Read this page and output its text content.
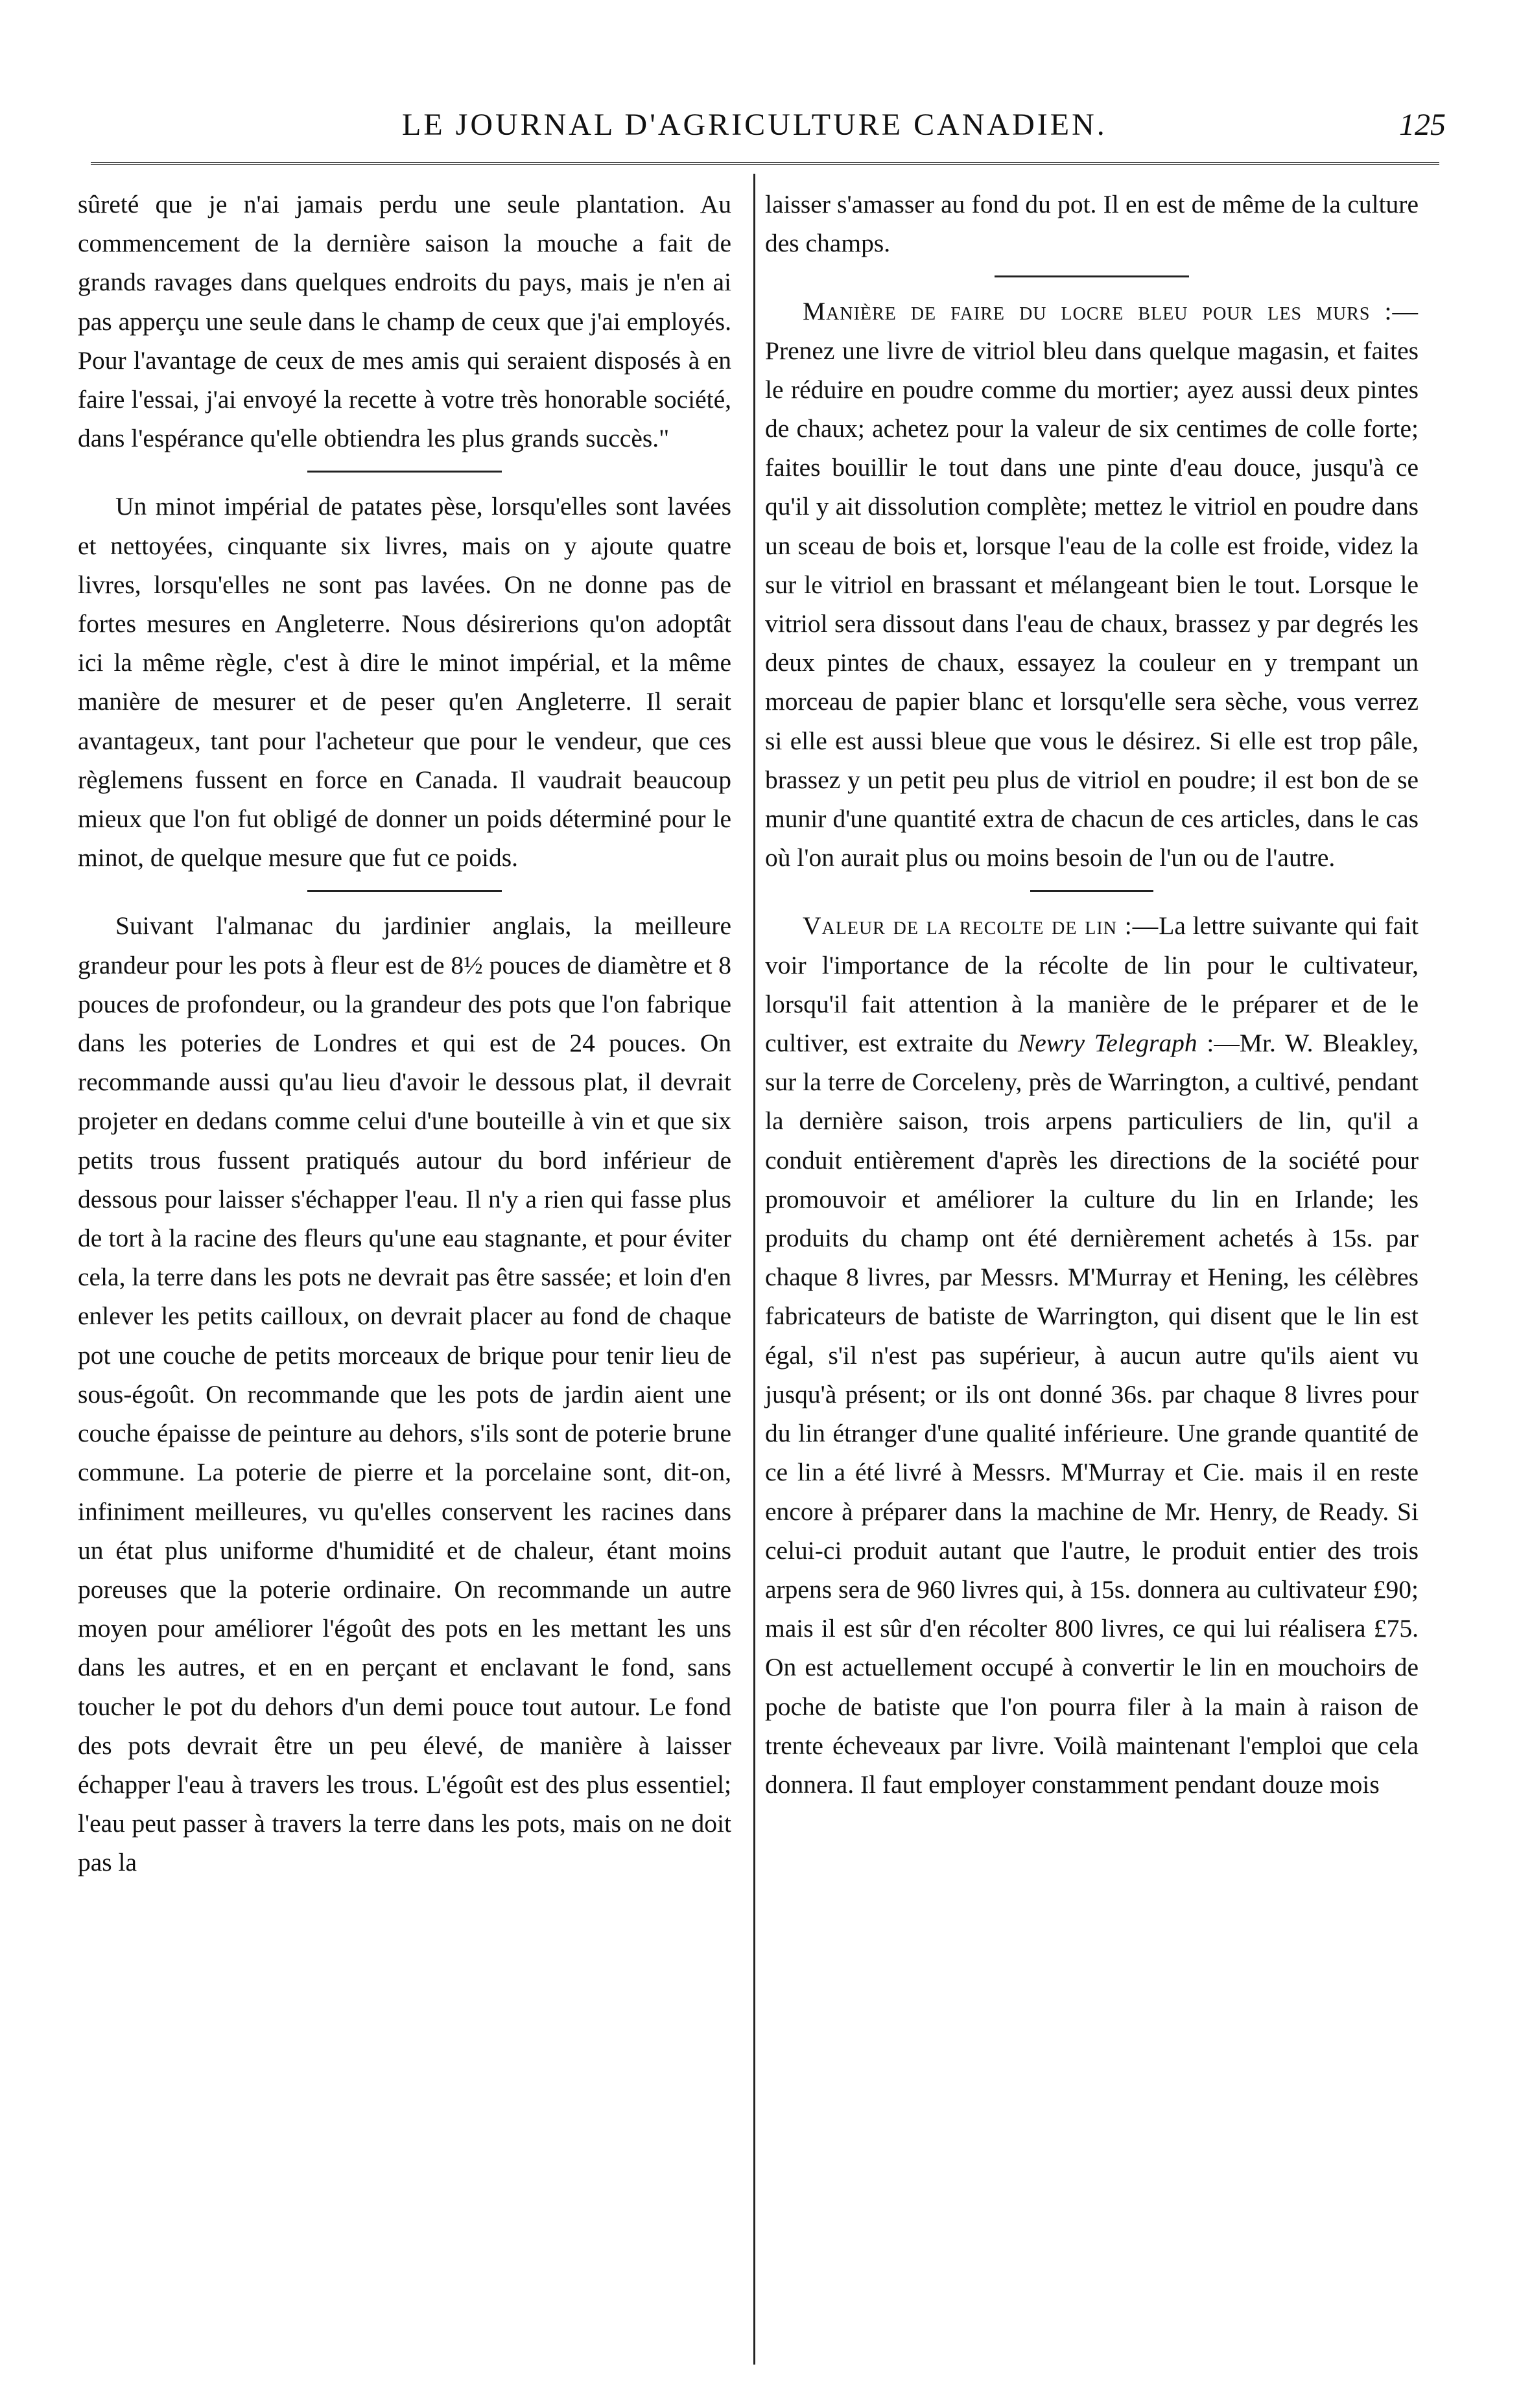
LE JOURNAL D'AGRICULTURE CANADIEN.	125

sûreté que je n'ai jamais perdu une seule plantation. Au commencement de la dernière saison la mouche a fait de grands ravages dans quelques endroits du pays, mais je n'en ai pas apperçu une seule dans le champ de ceux que j'ai employés. Pour l'avantage de ceux de mes amis qui seraient disposés à en faire l'essai, j'ai envoyé la recette à votre très honorable société, dans l'espérance qu'elle obtiendra les plus grands succès."

Un minot impérial de patates pèse, lorsqu'elles sont lavées et nettoyées, cinquante six livres, mais on y ajoute quatre livres, lorsqu'elles ne sont pas lavées. On ne donne pas de fortes mesures en Angleterre. Nous désirerions qu'on adoptât ici la même règle, c'est à dire le minot impérial, et la même manière de mesurer et de peser qu'en Angleterre. Il serait avantageux, tant pour l'acheteur que pour le vendeur, que ces règlemens fussent en force en Canada. Il vaudrait beaucoup mieux que l'on fut obligé de donner un poids déterminé pour le minot, de quelque mesure que fut ce poids.

Suivant l'almanac du jardinier anglais, la meilleure grandeur pour les pots à fleur est de 8½ pouces de diamètre et 8 pouces de profondeur, ou la grandeur des pots que l'on fabrique dans les poteries de Londres et qui est de 24 pouces. On recommande aussi qu'au lieu d'avoir le dessous plat, il devrait projeter en dedans comme celui d'une bouteille à vin et que six petits trous fussent pratiqués autour du bord inférieur de dessous pour laisser s'échapper l'eau. Il n'y a rien qui fasse plus de tort à la racine des fleurs qu'une eau stagnante, et pour éviter cela, la terre dans les pots ne devrait pas être sassée; et loin d'en enlever les petits cailloux, on devrait placer au fond de chaque pot une couche de petits morceaux de brique pour tenir lieu de sous-égoût. On recommande que les pots de jardin aient une couche épaisse de peinture au dehors, s'ils sont de poterie brune commune. La poterie de pierre et la porcelaine sont, dit-on, infiniment meilleures, vu qu'elles conservent les racines dans un état plus uniforme d'humidité et de chaleur, étant moins poreuses que la poterie ordinaire. On recommande un autre moyen pour améliorer l'égoût des pots en les mettant les uns dans les autres, et en en perçant et enclavant le fond, sans toucher le pot du dehors d'un demi pouce tout autour. Le fond des pots devrait être un peu élevé, de manière à laisser échapper l'eau à travers les trous. L'égoût est des plus essentiel; l'eau peut passer à travers la terre dans les pots, mais on ne doit pas la

laisser s'amasser au fond du pot. Il en est de même de la culture des champs.

Manière de faire du locre bleu pour les murs :—Prenez une livre de vitriol bleu dans quelque magasin, et faites le réduire en poudre comme du mortier; ayez aussi deux pintes de chaux; achetez pour la valeur de six centimes de colle forte; faites bouillir le tout dans une pinte d'eau douce, jusqu'à ce qu'il y ait dissolution complète; mettez le vitriol en poudre dans un sceau de bois et, lorsque l'eau de la colle est froide, videz la sur le vitriol en brassant et mélangeant bien le tout. Lorsque le vitriol sera dissout dans l'eau de chaux, brassez y par degrés les deux pintes de chaux, essayez la couleur en y trempant un morceau de papier blanc et lorsqu'elle sera sèche, vous verrez si elle est aussi bleue que vous le désirez. Si elle est trop pâle, brassez y un petit peu plus de vitriol en poudre; il est bon de se munir d'une quantité extra de chacun de ces articles, dans le cas où l'on aurait plus ou moins besoin de l'un ou de l'autre.

Valeur de la recolte de lin :—La lettre suivante qui fait voir l'importance de la récolte de lin pour le cultivateur, lorsqu'il fait attention à la manière de le préparer et de le cultiver, est extraite du Newry Telegraph :—Mr. W. Bleakley, sur la terre de Corceleny, près de Warrington, a cultivé, pendant la dernière saison, trois arpens particuliers de lin, qu'il a conduit entièrement d'après les directions de la société pour promouvoir et améliorer la culture du lin en Irlande; les produits du champ ont été dernièrement achetés à 15s. par chaque 8 livres, par Messrs. M'Murray et Hening, les célèbres fabricateurs de batiste de Warrington, qui disent que le lin est égal, s'il n'est pas supérieur, à aucun autre qu'ils aient vu jusqu'à présent; or ils ont donné 36s. par chaque 8 livres pour du lin étranger d'une qualité inférieure. Une grande quantité de ce lin a été livré à Messrs. M'Murray et Cie. mais il en reste encore à préparer dans la machine de Mr. Henry, de Ready. Si celui-ci produit autant que l'autre, le produit entier des trois arpens sera de 960 livres qui, à 15s. donnera au cultivateur £90; mais il est sûr d'en récolter 800 livres, ce qui lui réalisera £75. On est actuellement occupé à convertir le lin en mouchoirs de poche de batiste que l'on pourra filer à la main à raison de trente écheveaux par livre. Voilà maintenant l'emploi que cela donnera. Il faut employer constamment pendant douze mois
